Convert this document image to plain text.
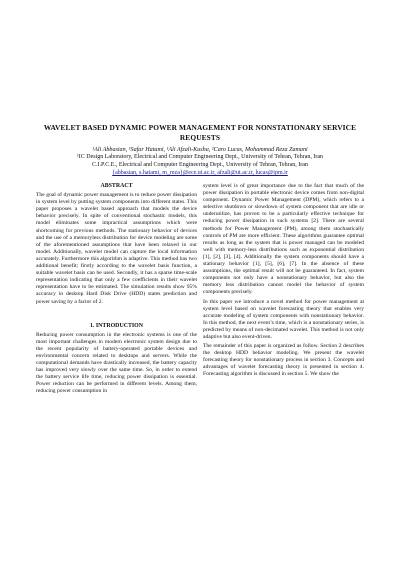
WAVELET BASED DYNAMIC POWER MANAGEMENT FOR NONSTATIONARY SERVICE REQUESTS
¹Ali Abbasian, ¹Safar Hatami, ¹Ali Afzali-Kusha, ²Caro Lucas, Mohammad Reza Zamani
¹IC Design Laboratory, Electrical and Computer Engineering Dept., University of Tehran, Tehran, Iran
C.I.P.C.E., Electrical and Computer Engineering Dept., University of Tehran, Tehran, Iran
{abbasian, s.hatami, m_reza}@ece.ut.ac.ir, afzali@ut.ac.ir, lucas@ipm.ir
ABSTRACT

The goal of dynamic power management is to reduce power dissipation in system level by putting system components into different states. This paper proposes a wavelet based approach that models the device behavior precisely. In spite of conventional stochastic models, this model eliminates some impractical assumptions which were shortcoming for previous methods. The stationary behavior of devices and the use of a memoryless distribution for device modeling are some of the aforementioned assumptions that have been relaxed in our model. Additionally, wavelet model can capture the local information accurately. Furthermore this algorithm is adaptive. This method has two additional benefit; firstly according to the wavelet basis function, a suitable wavelet basis can be used. Secondly, it has a sparse time-scale representation indicating that only a few coefficients in their wavelet representation have to be estimated. The simulation results show 95% accuracy in desktop Hard Disk Drive (HDD) states prediction and power saving by a factor of 2.

1. INTRODUCTION

Reducing power consumption in the electronic systems is one of the most important challenges in modern electronic system design due to the recent popularity of battery-operated portable devices and environmental concern related to desktops and servers. While the computational demands have drastically increased, the battery capacity has improved very slowly over the same time. So, in order to extend the battery service life time, reducing power dissipation is essential. Power reduction can be performed in different levels. Among them, reducing power consumption in

system level is of great importance due to the fact that much of the power dissipation in portable electronic device comes from non-digital component. Dynamic Power Management (DPM), which refers to a selective shutdown or slowdown of system component that are idle or underutilize, has proven to be a particularly effective technique for reducing power dissipation in such systems [2]. There are several methods for Power Management (PM), among them stochastically controls of PM are more efficient. These algorithms guarantee optimal results as long as the system that is power managed can be modeled well with memory-less distributions such as exponential distribution [1], [2], [3], [4]. Additionally the system components should have a stationary behavior [1], [5], [6], [7]. In the absence of these assumptions, the optimal result will not be guaranteed. In fact, system components not only have a nonstationary behavior, but also the memory less distribution cannot model the behavior of system components precisely.

In this paper we introduce a novel method for power management at system level based on wavelet forecasting theory that enables very accurate modeling of system components with nonstationary behavior. In this method, the next event’s time, which is a nonstationary series, is predicted by means of non-decimated wavelet. This method is not only adaptive but also event-driven.

The remainder of this paper is organized as follow. Section 2 describes the desktop HDD behavior modeling. We present the wavelet forecasting theory for nonstationary process in section 3. Concepts and advantages of wavelet forecasting theory is presented in section 4. Forecasting algorithm is discussed in section 5. We show the
